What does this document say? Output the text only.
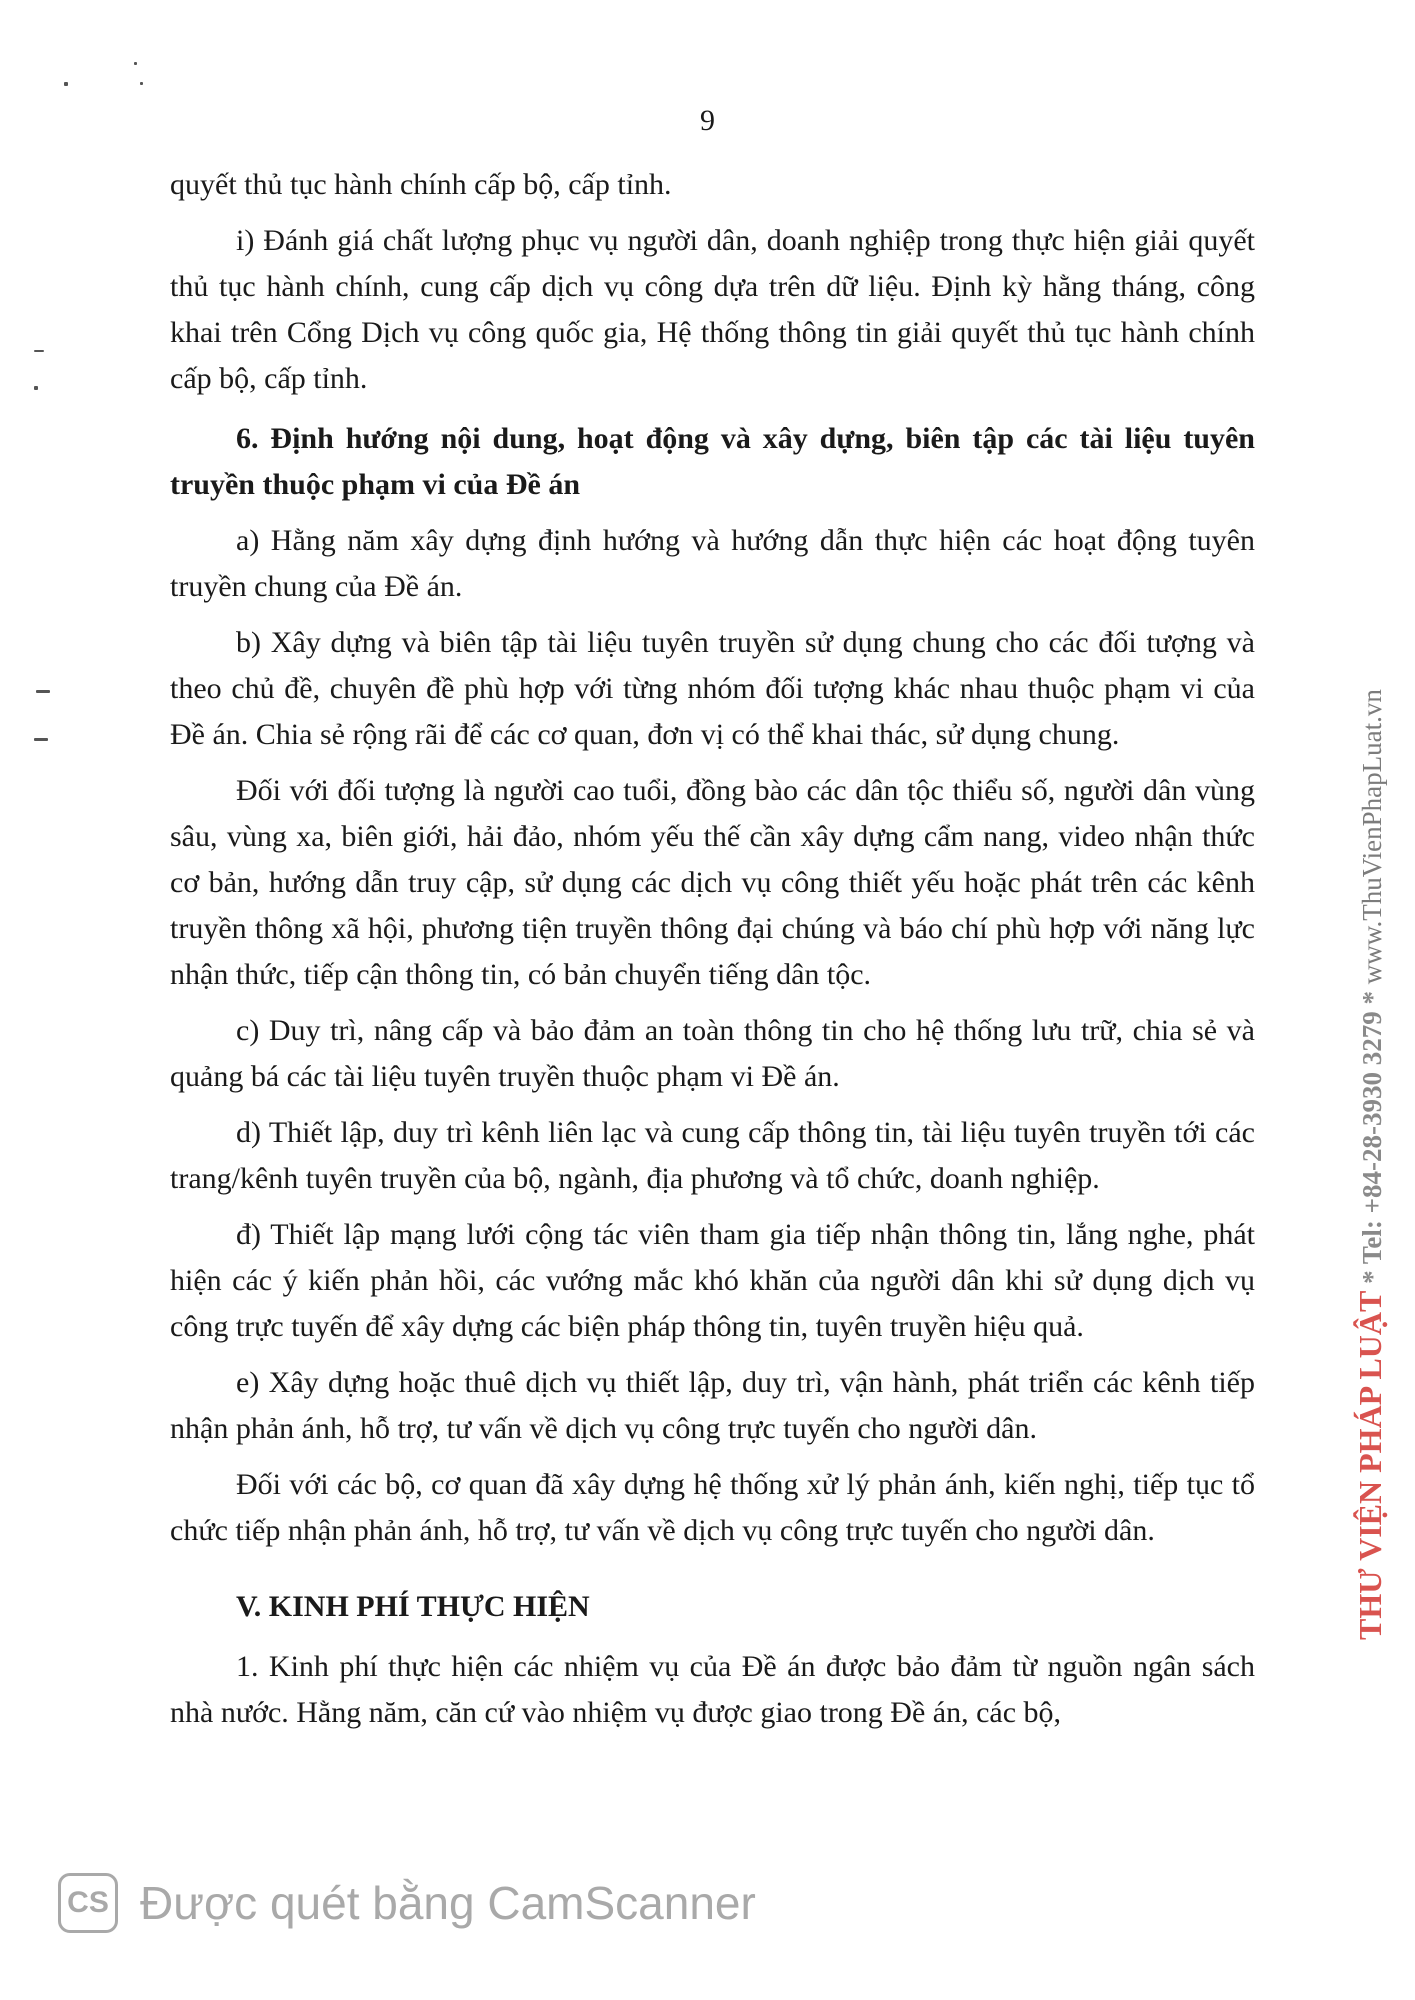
9

quyết thủ tục hành chính cấp bộ, cấp tỉnh.

i) Đánh giá chất lượng phục vụ người dân, doanh nghiệp trong thực hiện giải quyết thủ tục hành chính, cung cấp dịch vụ công dựa trên dữ liệu. Định kỳ hằng tháng, công khai trên Cổng Dịch vụ công quốc gia, Hệ thống thông tin giải quyết thủ tục hành chính cấp bộ, cấp tỉnh.

6. Định hướng nội dung, hoạt động và xây dựng, biên tập các tài liệu tuyên truyền thuộc phạm vi của Đề án

a) Hằng năm xây dựng định hướng và hướng dẫn thực hiện các hoạt động tuyên truyền chung của Đề án.

b) Xây dựng và biên tập tài liệu tuyên truyền sử dụng chung cho các đối tượng và theo chủ đề, chuyên đề phù hợp với từng nhóm đối tượng khác nhau thuộc phạm vi của Đề án. Chia sẻ rộng rãi để các cơ quan, đơn vị có thể khai thác, sử dụng chung.

Đối với đối tượng là người cao tuổi, đồng bào các dân tộc thiểu số, người dân vùng sâu, vùng xa, biên giới, hải đảo, nhóm yếu thế cần xây dựng cẩm nang, video nhận thức cơ bản, hướng dẫn truy cập, sử dụng các dịch vụ công thiết yếu hoặc phát trên các kênh truyền thông xã hội, phương tiện truyền thông đại chúng và báo chí phù hợp với năng lực nhận thức, tiếp cận thông tin, có bản chuyển tiếng dân tộc.

c) Duy trì, nâng cấp và bảo đảm an toàn thông tin cho hệ thống lưu trữ, chia sẻ và quảng bá các tài liệu tuyên truyền thuộc phạm vi Đề án.

d) Thiết lập, duy trì kênh liên lạc và cung cấp thông tin, tài liệu tuyên truyền tới các trang/kênh tuyên truyền của bộ, ngành, địa phương và tổ chức, doanh nghiệp.

đ) Thiết lập mạng lưới cộng tác viên tham gia tiếp nhận thông tin, lắng nghe, phát hiện các ý kiến phản hồi, các vướng mắc khó khăn của người dân khi sử dụng dịch vụ công trực tuyến để xây dựng các biện pháp thông tin, tuyên truyền hiệu quả.

e) Xây dựng hoặc thuê dịch vụ thiết lập, duy trì, vận hành, phát triển các kênh tiếp nhận phản ánh, hỗ trợ, tư vấn về dịch vụ công trực tuyến cho người dân.

Đối với các bộ, cơ quan đã xây dựng hệ thống xử lý phản ánh, kiến nghị, tiếp tục tổ chức tiếp nhận phản ánh, hỗ trợ, tư vấn về dịch vụ công trực tuyến cho người dân.

V. KINH PHÍ THỰC HIỆN

1. Kinh phí thực hiện các nhiệm vụ của Đề án được bảo đảm từ nguồn ngân sách nhà nước. Hằng năm, căn cứ vào nhiệm vụ được giao trong Đề án, các bộ,

THƯ VIỆN PHÁP LUẬT * Tel: +84-28-3930 3279 * www.ThuVienPhapLuat.vn
CS Được quét bằng CamScanner
